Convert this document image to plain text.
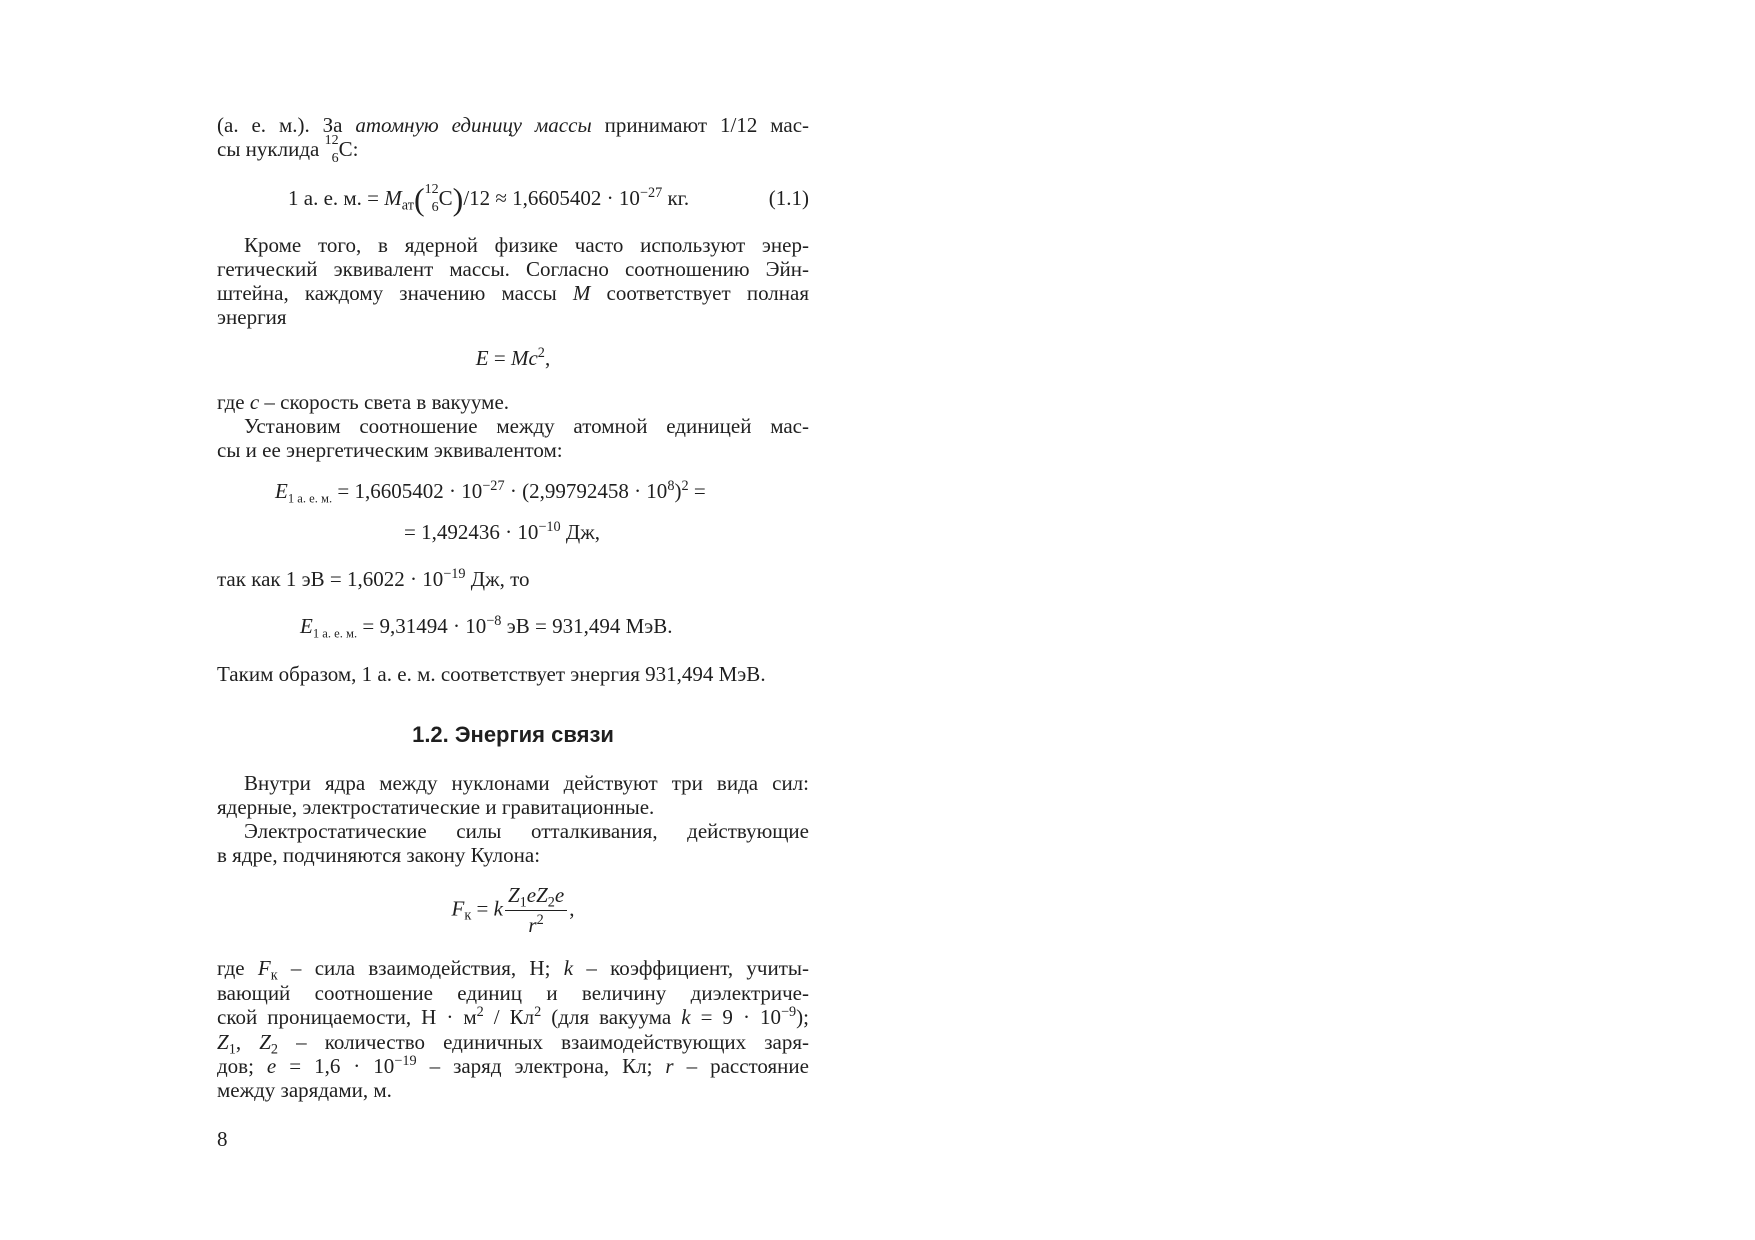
(а. е. м.). За атомную единицу массы принимают 1/12 мас-
сы нуклида 12
6 C:
1 а. е. м. = $M_{ат}$( 12
6 $C)/12 \approx 1,6605402 \cdot 10^{-27}$ кг.	(1.1)
Кроме того, в ядерной физике часто используют энер-
гетический эквивалент массы. Согласно соотношению Эйн-
штейна, каждому значению массы M соответствует полная
энергия
$E = Mc^2$,
где c – скорость света в вакууме.
Установим соотношение между атомной единицей мас-
сы и ее энергетическим эквивалентом:
$E_{1 а. е. м.} = 1,6605402 \cdot 10^{-27} \cdot (2,99792458 \cdot 10^8)^2$ =
= $1,492436 \cdot 10^{-10}$ Дж,
так как 1 эВ = $1,6022 \cdot 10^{-19}$ Дж, то
$E_{1 а. е. м.} = 9,31494 \cdot 10^{-8}$ эВ = 931,494 МэВ.
Таким образом, 1 а. е. м. соответствует энергия 931,494 МэВ.
1.2. Энергия связи
Внутри ядра между нуклонами действуют три вида сил:
ядерные, электростатические и гравитационные.
Электростатические силы отталкивания, действующие
в ядре, подчиняются закону Кулона:
$F_к = k \frac{Z_1eZ_2e}{r^2}$ ,
где $F_к$ – сила взаимодействия, Н; k – коэффициент, учиты-
вающий соотношение единиц и величину диэлектриче-
ской проницаемости, $Н \cdot м^2 / Кл^2$ (для вакуума $k = 9 \cdot 10^{-9}$);
$Z_1$, $Z_2$ – количество единичных взаимодействующих заря-
дов; $e = 1,6 \cdot 10^{-19}$ – заряд электрона, Кл; r – расстояние
между зарядами, м.
8
